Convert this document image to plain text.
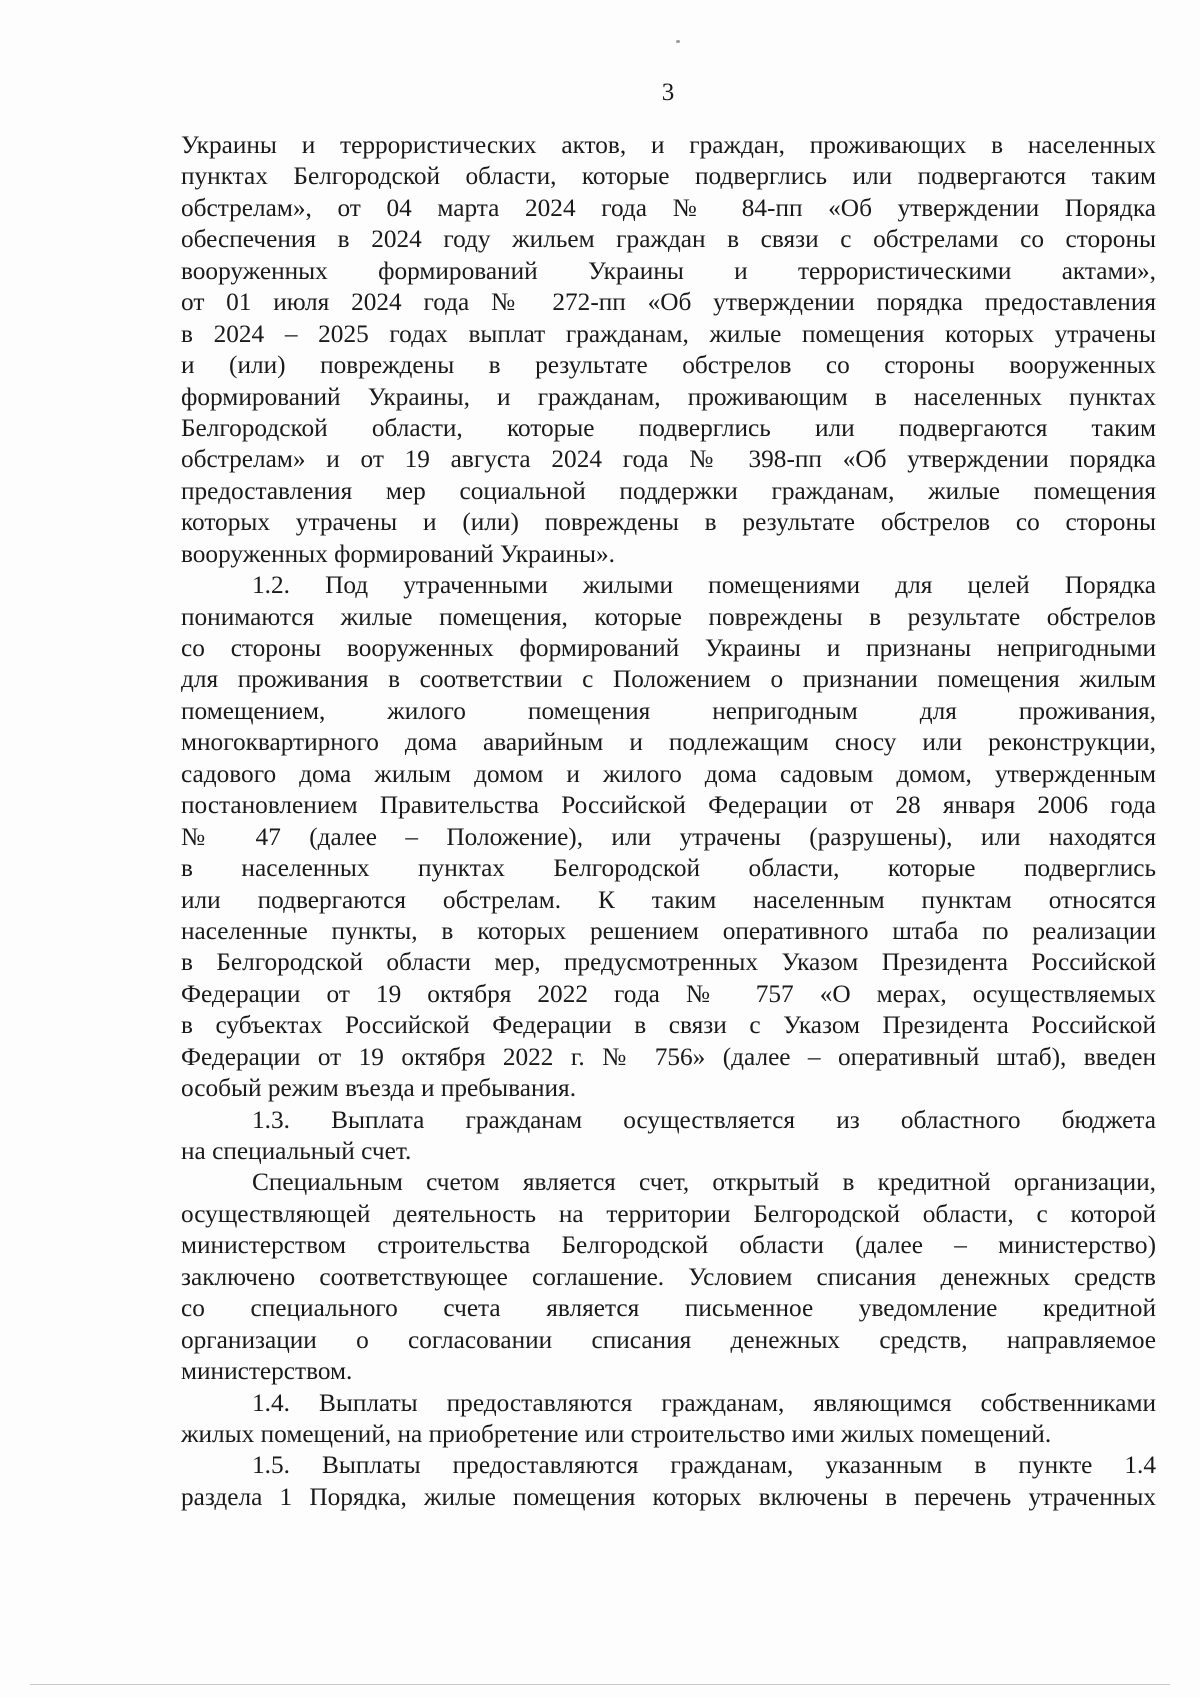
3
Украины и террористических актов, и граждан, проживающих в населенных
пунктах Белгородской области, которые подверглись или подвергаются таким
обстрелам», от 04 марта 2024 года № 84-пп «Об утверждении Порядка
обеспечения в 2024 году жильем граждан в связи с обстрелами со стороны
вооруженных формирований Украины и террористическими актами»,
от 01 июля 2024 года № 272-пп «Об утверждении порядка предоставления
в 2024 – 2025 годах выплат гражданам, жилые помещения которых утрачены
и (или) повреждены в результате обстрелов со стороны вооруженных
формирований Украины, и гражданам, проживающим в населенных пунктах
Белгородской области, которые подверглись или подвергаются таким
обстрелам» и от 19 августа 2024 года № 398-пп «Об утверждении порядка
предоставления мер социальной поддержки гражданам, жилые помещения
которых утрачены и (или) повреждены в результате обстрелов со стороны
вооруженных формирований Украины».
1.2. Под утраченными жилыми помещениями для целей Порядка
понимаются жилые помещения, которые повреждены в результате обстрелов
со стороны вооруженных формирований Украины и признаны непригодными
для проживания в соответствии с Положением о признании помещения жилым
помещением, жилого помещения непригодным для проживания,
многоквартирного дома аварийным и подлежащим сносу или реконструкции,
садового дома жилым домом и жилого дома садовым домом, утвержденным
постановлением Правительства Российской Федерации от 28 января 2006 года
№ 47 (далее – Положение), или утрачены (разрушены), или находятся
в населенных пунктах Белгородской области, которые подверглись
или подвергаются обстрелам. К таким населенным пунктам относятся
населенные пункты, в которых решением оперативного штаба по реализации
в Белгородской области мер, предусмотренных Указом Президента Российской
Федерации от 19 октября 2022 года № 757 «О мерах, осуществляемых
в субъектах Российской Федерации в связи с Указом Президента Российской
Федерации от 19 октября 2022 г. № 756» (далее – оперативный штаб), введен
особый режим въезда и пребывания.
1.3. Выплата гражданам осуществляется из областного бюджета
на специальный счет.
Специальным счетом является счет, открытый в кредитной организации,
осуществляющей деятельность на территории Белгородской области, с которой
министерством строительства Белгородской области (далее – министерство)
заключено соответствующее соглашение. Условием списания денежных средств
со специального счета является письменное уведомление кредитной
организации о согласовании списания денежных средств, направляемое
министерством.
1.4. Выплаты предоставляются гражданам, являющимся собственниками
жилых помещений, на приобретение или строительство ими жилых помещений.
1.5. Выплаты предоставляются гражданам, указанным в пункте 1.4
раздела 1 Порядка, жилые помещения которых включены в перечень утраченных
